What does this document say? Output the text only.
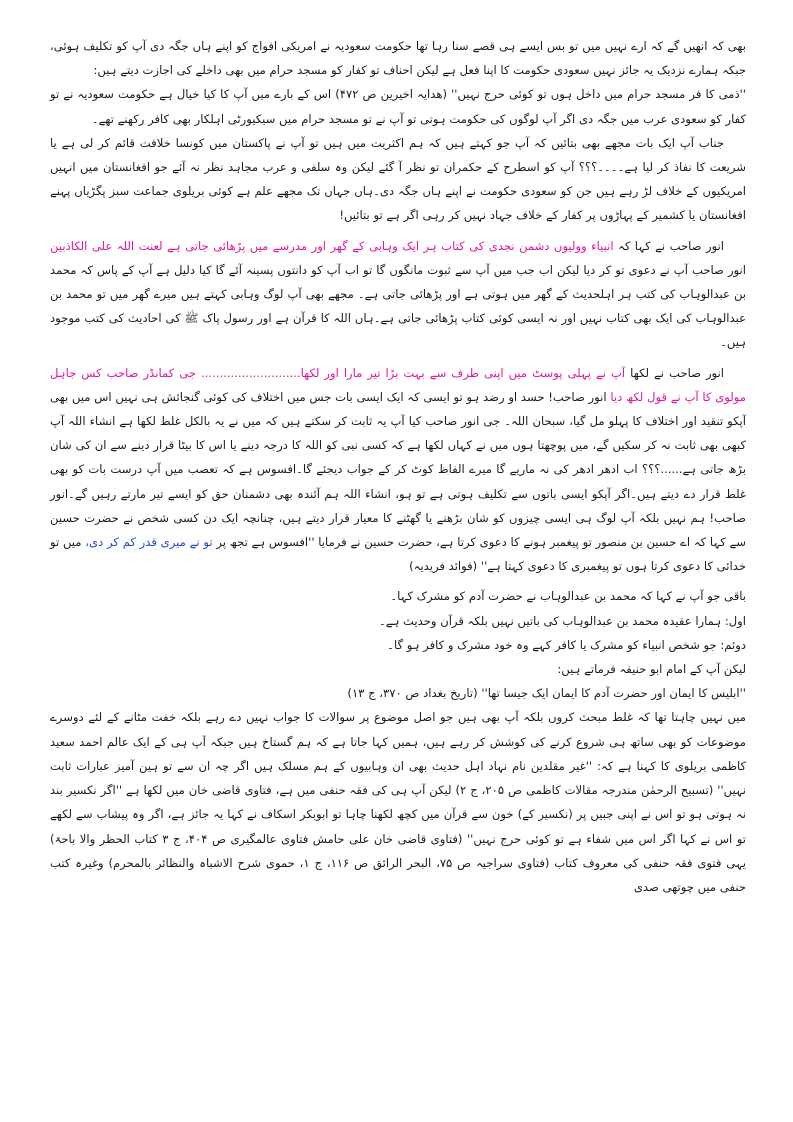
بھی کہ انھیں گے کہ ارے نہیں میں تو بس ایسے ہی قصے سنا رہا تھا حکومت سعودیہ نے امریکی افواج کو اپنے ہاں جگہ دی آپ کو تکلیف ہوئی، جبکہ ہمارے نزدیک یہ جائز نہیں سعودی حکومت کا اپنا فعل ہے لیکن احناف تو کفار کو مسجد حرام میں بھی داخلے کی اجازت دیتے ہیں:

''ذمی کا فر مسجد حرام میں داخل ہوں تو کوئی حرج نہیں'' (ھدایہ اخیرین ص ۴۷۲) اس کے بارے میں آپ کا کیا خیال ہے حکومت سعودیہ نے تو کفار کو سعودی عرب میں جگہ دی اگر آپ لوگوں کی حکومت ہوتی تو آپ نے تو مسجد حرام میں سیکیورٹی اہلکار بھی کافر رکھنے تھے۔

جناب آپ ایک بات مجھے بھی بتائیں کہ آپ جو کہتے ہیں کہ ہم اکثریت میں ہیں تو آپ نے پاکستان میں کونسا خلافت قائم کر لی ہے یا شریعت کا نفاذ کر لیا ہے۔۔۔۔؟؟؟ آپ کو اسطرح کے حکمران تو نظر آ گئے لیکن وہ سلفی و عرب مجاہد نظر نہ آئے جو افغانستان میں انہیں امریکیوں کے خلاف لڑ رہے ہیں جن کو سعودی حکومت نے اپنے ہاں جگہ دی۔ہاں جہاں تک مجھے علم ہے کوئی بریلوی جماعت سبز پگڑیاں پہنے افغانستان یا کشمیر کے پہاڑوں پر کفار کے خلاف جہاد نہیں کر رہی اگر ہے تو بتائیں!

انور صاحب نے کہا کہ انبیاء وولیوں دشمن نجدی کی کتاب ہر ایک وہابی کے گھر اور مدرسے میں پڑھائی جاتی ہے لعنت اللہ علی الکاذبین انور صاحب آپ نے دعوی تو کر دیا لیکن اب جب میں آپ سے ثبوت مانگوں گا تو اب آپ کو دانتوں پسینہ آئے گا کیا دلیل ہے آپ کے پاس کہ محمد بن عبدالوہاب کی کتب ہر اہلحدیث کے گھر میں ہوتی ہے اور پڑھائی جاتی ہے۔ مجھے بھی آپ لوگ وہابی کہتے ہیں میرے گھر میں تو محمد بن عبدالوہاب کی ایک بھی کتاب نہیں اور نہ ایسی کوئی کتاب پڑھائی جاتی ہے۔ہاں اللہ کا قرآن ہے اور رسول پاک ﷺ کی احادیث کی کتب موجود ہیں۔

انور صاحب نے لکھا آپ نے پہلی پوسٹ میں اپنی طرف سے بہت بڑا تیر مارا اور لکھا........................... جی کمانڈر صاحب کس جاہل مولوی کا آپ نے قول لکھ دیا انور صاحب! حسد او رضد ہو تو ایسی کہ ایک ایسی بات جس میں اختلاف کی کوئی گنجائش ہی نہیں اس میں بھی آپکو تنقید اور اختلاف کا پہلو مل گیا، سبحان اللہ۔ جی انور صاحب کیا آپ یہ ثابت کر سکتے ہیں کہ میں نے یہ بالکل غلط لکھا ہے انشاء اللہ آپ کبھی بھی ثابت نہ کر سکیں گے، میں پوچھتا ہوں میں نے کہاں لکھا ہے کہ کسی نبی کو اللہ کا درجہ دینے یا اس کا بیٹا قرار دینے سے ان کی شان بڑھ جاتی ہے......؟؟؟ اب ادھر ادھر کی نہ ماریے گا میرے الفاظ کوٹ کر کے جواب دیجئے گا۔افسوس ہے کہ تعصب میں آپ درست بات کو بھی غلط قرار دے دیتے ہیں۔اگر آپکو ایسی باتوں سے تکلیف ہوتی ہے تو ہو، انشاء اللہ ہم آئندہ بھی دشمنان حق کو ایسے تیر مارتے رہیں گے۔انور صاحب! ہم نہیں بلکہ آپ لوگ ہی ایسی چیزوں کو شان بڑھنے یا گھٹنے کا معیار قرار دیتے ہیں، چنانچہ ایک دن کسی شخص نے حضرت حسین سے کہا کہ اے حسین بن منصور تو پیغمبر ہونے کا دعوی کرتا ہے، حضرت حسین نے فرمایا ''افسوس ہے تجھ پر تو نے میری قدر کم کر دی، میں تو خدائی کا دعوی کرتا ہوں تو پیغمبری کا دعوی کہتا ہے'' (فوائد فریدیہ)

باقی جو آپ نے کہا کہ محمد بن عبدالوہاب نے حضرت آدم کو مشرک کہا۔

اول: ہمارا عقیدہ محمد بن عبدالوہاب کی باتیں نہیں بلکہ قرآن وحدیث ہے۔

دوئم: جو شخص انبیاء کو مشرک یا کافر کہے وہ خود مشرک و کافر ہو گا۔

لیکن آپ کے امام ابو حنیفہ فرماتے ہیں:

''ابلیس کا ایمان اور حضرت آدم کا ایمان ایک جیسا تھا'' (تاریخ بغداد ص ۳۷۰، ج ۱۳)

میں نہیں چاہتا تھا کہ غلط مبحث کروں بلکہ آپ بھی ہیں جو اصل موضوع پر سوالات کا جواب نہیں دے رہے بلکہ خفت مٹانے کے لئے دوسرے موضوعات کو بھی ساتھ ہی شروع کرنے کی کوشش کر رہے ہیں، ہمیں کہا جاتا ہے کہ ہم گستاخ ہیں جبکہ آپ ہی کے ایک عالم احمد سعید کاظمی بریلوی کا کہنا ہے کہ: ''غیر مقلدین نام نہاد اہل حدیث بھی ان وہابیوں کے ہم مسلک ہیں اگر چہ ان سے تو ہین آمیز عبارات ثابت نہیں'' (تسبیح الرحمٰن مندرجہ مقالات کاظمی ص ۲۰۵، ج ۲) لیکن آپ ہی کی فقہ حنفی میں ہے، فتاوی قاضی خان میں لکھا ہے ''اگر نکسیر بند نہ ہوتی ہو تو اس نے اپنی جبیں پر (نکسیر کے) خون سے قرآن میں کچھ لکھنا چاہا تو ابوبکر اسکاف نے کہا یہ جائز ہے، اگر وہ پیشاب سے لکھے تو اس نے کہا اگر اس میں شفاء ہے تو کوئی حرج نہیں'' (فتاوی قاضی خان علی حامش فتاوی عالمگیری ص ۴۰۴، ج ۳ کتاب الحظر والا باحۃ) یہی فتوی فقہ حنفی کی معروف کتاب (فتاوی سراجیہ ص ۷۵، البحر الرائق ص ۱۱۶، ج ۱، حموی شرح الاشباہ والنظائر بالمحرم) وغیرہ کتب حنفی میں چوتھی صدی
